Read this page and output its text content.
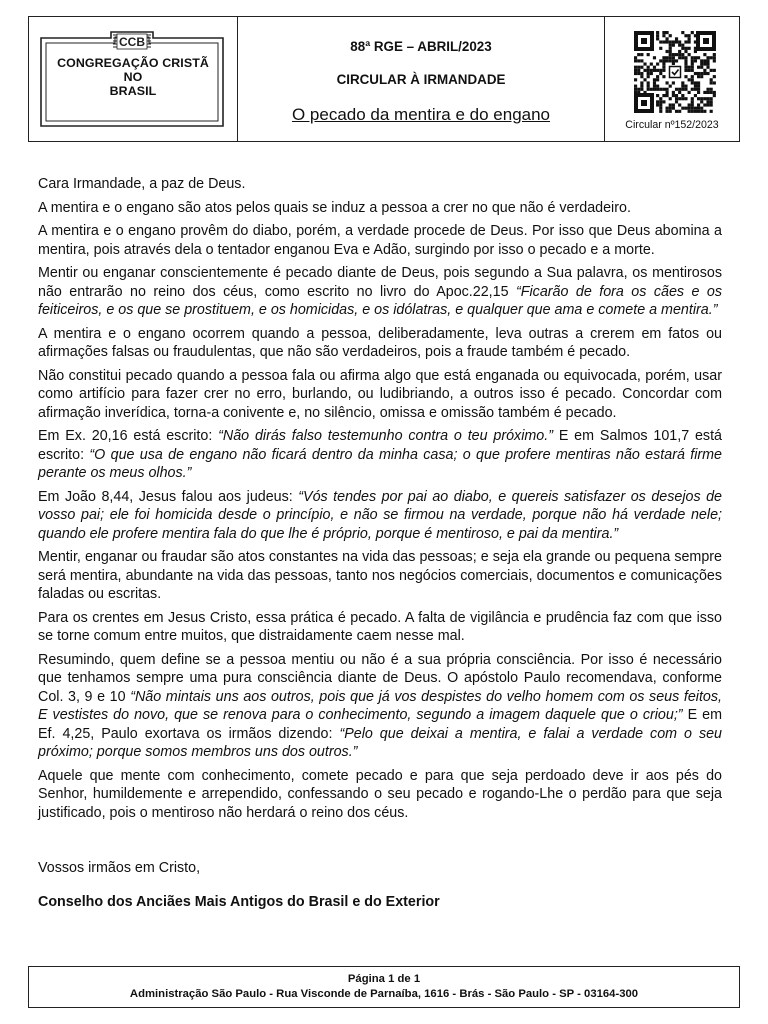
CCB
CONGREGAÇÃO CRISTÃ
NO
BRASIL
88ª RGE – ABRIL/2023
CIRCULAR À IRMANDADE
O pecado da mentira e do engano
Circular nº152/2023

Cara Irmandade, a paz de Deus.

A mentira e o engano são atos pelos quais se induz a pessoa a crer no que não é verdadeiro.

A mentira e o engano provêm do diabo, porém, a verdade procede de Deus. Por isso que Deus abomina a mentira, pois através dela o tentador enganou Eva e Adão, surgindo por isso o pecado e a morte.

Mentir ou enganar conscientemente é pecado diante de Deus, pois segundo a Sua palavra, os mentirosos não entrarão no reino dos céus, como escrito no livro do Apoc.22,15 “Ficarão de fora os cães e os feiticeiros, e os que se prostituem, e os homicidas, e os idólatras, e qualquer que ama e comete a mentira.”

A mentira e o engano ocorrem quando a pessoa, deliberadamente, leva outras a crerem em fatos ou afirmações falsas ou fraudulentas, que não são verdadeiros, pois a fraude também é pecado.

Não constitui pecado quando a pessoa fala ou afirma algo que está enganada ou equivocada, porém, usar como artifício para fazer crer no erro, burlando, ou ludibriando, a outros isso é pecado. Concordar com afirmação inverídica, torna-a conivente e, no silêncio, omissa e omissão também é pecado.

Em Ex. 20,16 está escrito: “Não dirás falso testemunho contra o teu próximo.” E em Salmos 101,7 está escrito: “O que usa de engano não ficará dentro da minha casa; o que profere mentiras não estará firme perante os meus olhos.”

Em João 8,44, Jesus falou aos judeus: “Vós tendes por pai ao diabo, e quereis satisfazer os desejos de vosso pai; ele foi homicida desde o princípio, e não se firmou na verdade, porque não há verdade nele; quando ele profere mentira fala do que lhe é próprio, porque é mentiroso, e pai da mentira.”

Mentir, enganar ou fraudar são atos constantes na vida das pessoas; e seja ela grande ou pequena sempre será mentira, abundante na vida das pessoas, tanto nos negócios comerciais, documentos e comunicações faladas ou escritas.

Para os crentes em Jesus Cristo, essa prática é pecado. A falta de vigilância e prudência faz com que isso se torne comum entre muitos, que distraidamente caem nesse mal.

Resumindo, quem define se a pessoa mentiu ou não é a sua própria consciência. Por isso é necessário que tenhamos sempre uma pura consciência diante de Deus. O apóstolo Paulo recomendava, conforme Col. 3, 9 e 10 “Não mintais uns aos outros, pois que já vos despistes do velho homem com os seus feitos, E vestistes do novo, que se renova para o conhecimento, segundo a imagem daquele que o criou;” E em Ef. 4,25, Paulo exortava os irmãos dizendo: “Pelo que deixai a mentira, e falai a verdade com o seu próximo; porque somos membros uns dos outros.”

Aquele que mente com conhecimento, comete pecado e para que seja perdoado deve ir aos pés do Senhor, humildemente e arrependido, confessando o seu pecado e rogando-Lhe o perdão para que seja justificado, pois o mentiroso não herdará o reino dos céus.

Vossos irmãos em Cristo,
Conselho dos Anciães Mais Antigos do Brasil e do Exterior
Página 1 de 1
Administração São Paulo - Rua Visconde de Parnaíba, 1616 - Brás - São Paulo - SP - 03164-300
